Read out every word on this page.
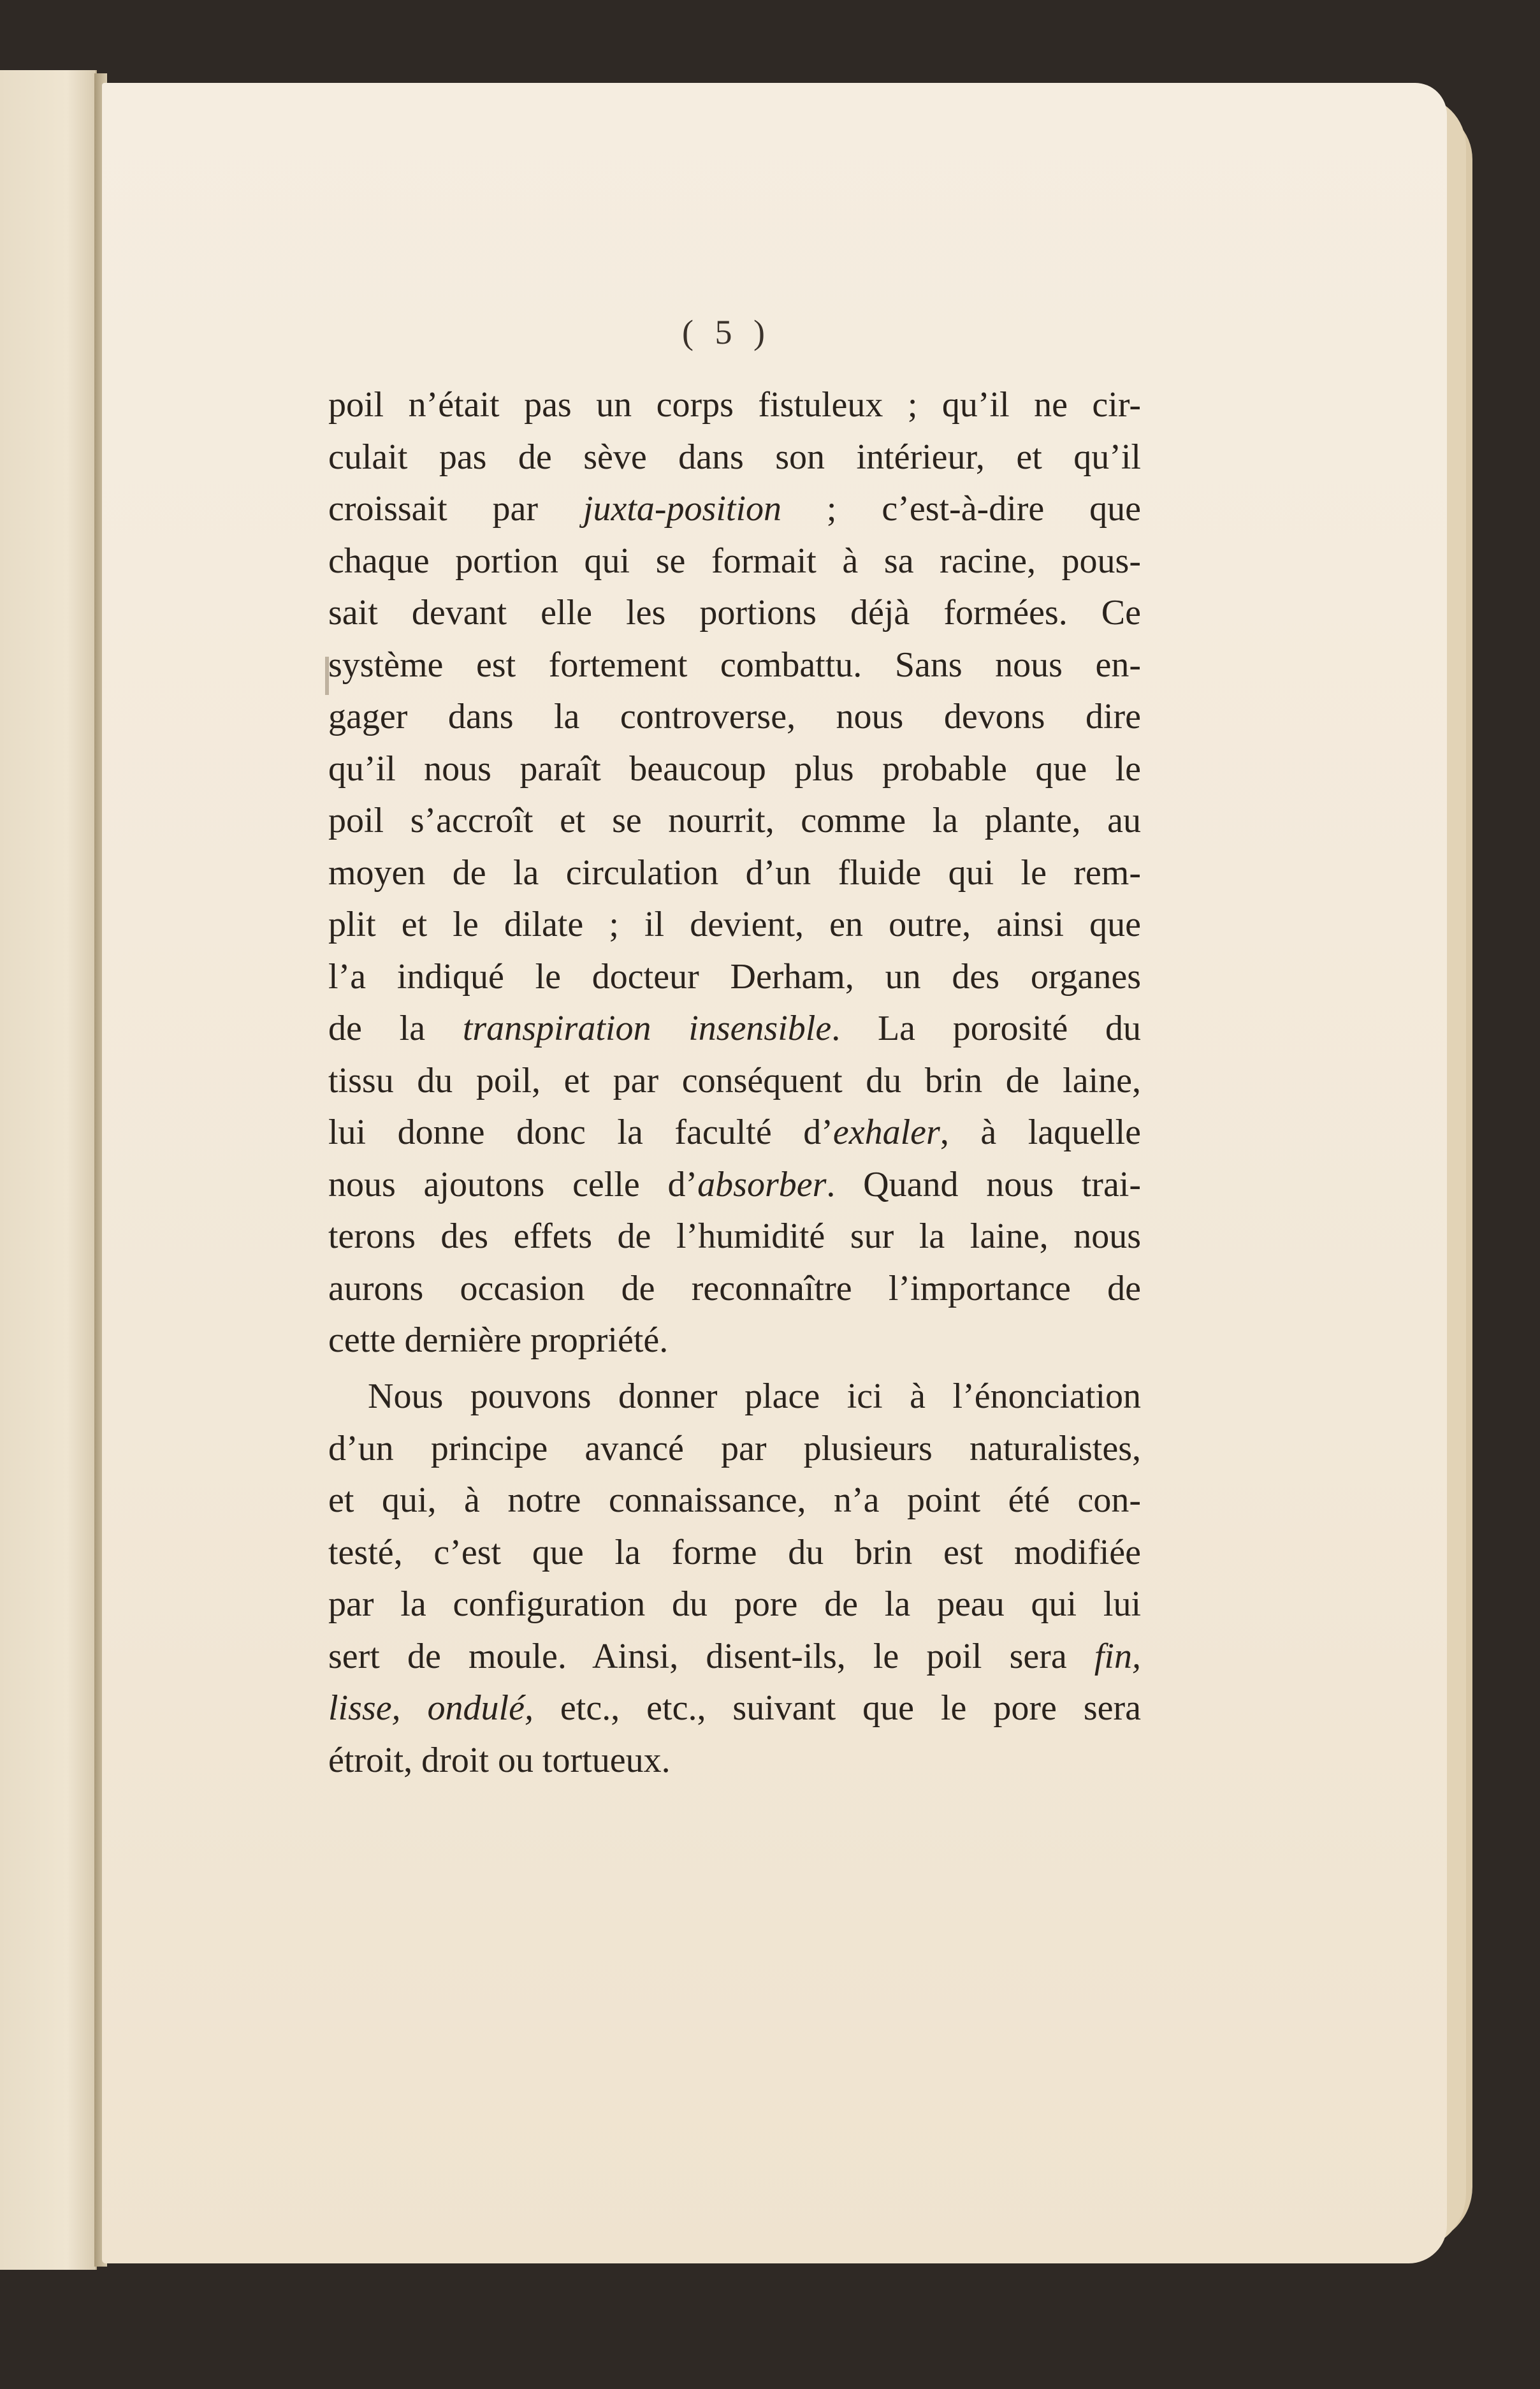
( 5 )
poil n’était pas un corps fistuleux ; qu’il ne cir-
culait pas de sève dans son intérieur, et qu’il
croissait par juxta-position ; c’est-à-dire que
chaque portion qui se formait à sa racine, pous-
sait devant elle les portions déjà formées. Ce
système est fortement combattu. Sans nous en-
gager dans la controverse, nous devons dire
qu’il nous paraît beaucoup plus probable que le
poil s’accroît et se nourrit, comme la plante, au
moyen de la circulation d’un fluide qui le rem-
plit et le dilate ; il devient, en outre, ainsi que
l’a indiqué le docteur Derham, un des organes
de la transpiration insensible. La porosité du
tissu du poil, et par conséquent du brin de laine,
lui donne donc la faculté d’exhaler, à laquelle
nous ajoutons celle d’absorber. Quand nous trai-
terons des effets de l’humidité sur la laine, nous
aurons occasion de reconnaître l’importance de
cette dernière propriété.
Nous pouvons donner place ici à l’énonciation
d’un principe avancé par plusieurs naturalistes,
et qui, à notre connaissance, n’a point été con-
testé, c’est que la forme du brin est modifiée
par la configuration du pore de la peau qui lui
sert de moule. Ainsi, disent-ils, le poil sera fin,
lisse, ondulé, etc., etc., suivant que le pore sera
étroit, droit ou tortueux.
